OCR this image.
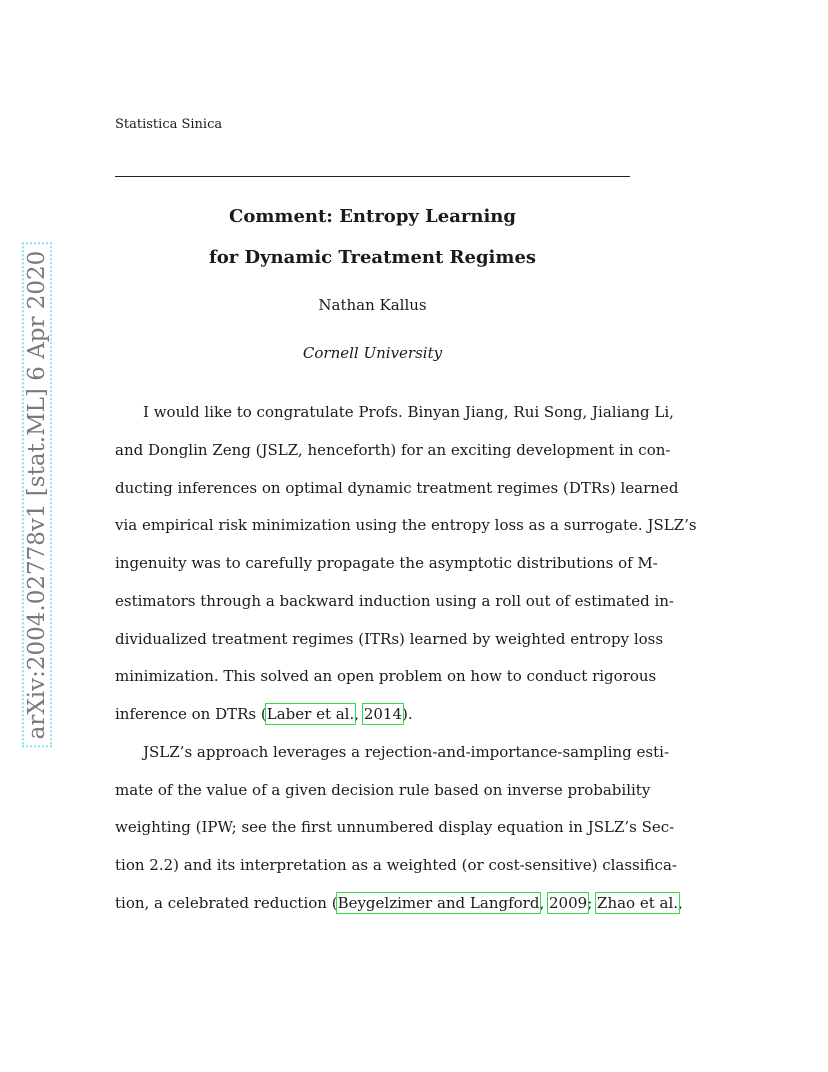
arXiv:2004.02778v1 [stat.ML] 6 Apr 2020
Statistica Sinica
Comment: Entropy Learning
for Dynamic Treatment Regimes
Nathan Kallus
Cornell University
I would like to congratulate Profs. Binyan Jiang, Rui Song, Jialiang Li,
and Donglin Zeng (JSLZ, henceforth) for an exciting development in con-
ducting inferences on optimal dynamic treatment regimes (DTRs) learned
via empirical risk minimization using the entropy loss as a surrogate. JSLZ’s
ingenuity was to carefully propagate the asymptotic distributions of M-
estimators through a backward induction using a roll out of estimated in-
dividualized treatment regimes (ITRs) learned by weighted entropy loss
minimization. This solved an open problem on how to conduct rigorous
inference on DTRs (Laber et al., 2014).
JSLZ’s approach leverages a rejection-and-importance-sampling esti-
mate of the value of a given decision rule based on inverse probability
weighting (IPW; see the first unnumbered display equation in JSLZ’s Sec-
tion 2.2) and its interpretation as a weighted (or cost-sensitive) classifica-
tion, a celebrated reduction (Beygelzimer and Langford, 2009; Zhao et al.,
